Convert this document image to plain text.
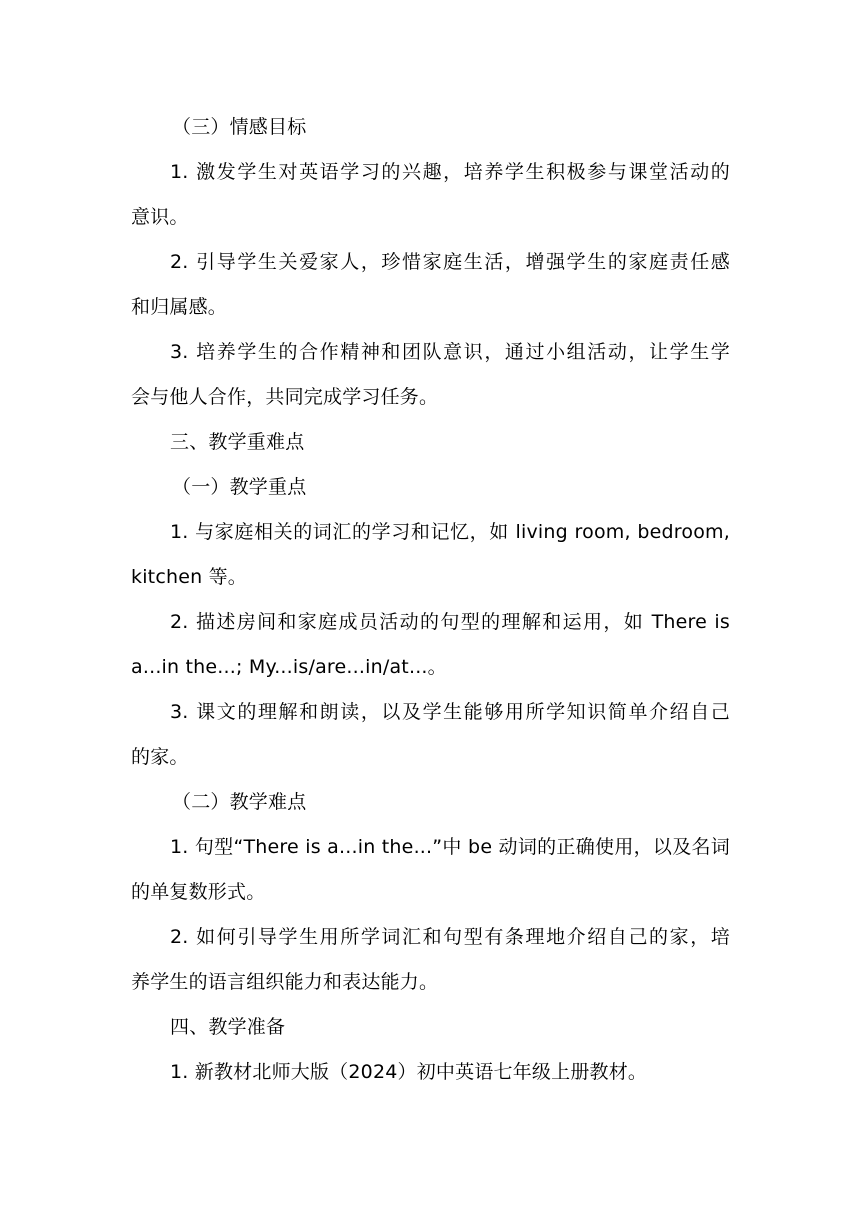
（三）情感目标
1. 激发学生对英语学习的兴趣，培养学生积极参与课堂活动的
意识。
2. 引导学生关爱家人，珍惜家庭生活，增强学生的家庭责任感
和归属感。
3. 培养学生的合作精神和团队意识，通过小组活动，让学生学
会与他人合作，共同完成学习任务。
三、教学重难点
（一）教学重点
1. 与家庭相关的词汇的学习和记忆，如 living room, bedroom,
kitchen 等。
2. 描述房间和家庭成员活动的句型的理解和运用，如 There is
a...in the...; My...is/are...in/at...。
3. 课文的理解和朗读，以及学生能够用所学知识简单介绍自己
的家。
（二）教学难点
1. 句型“There is a...in the...”中 be 动词的正确使用，以及名词
的单复数形式。
2. 如何引导学生用所学词汇和句型有条理地介绍自己的家，培
养学生的语言组织能力和表达能力。
四、教学准备
1. 新教材北师大版（2024）初中英语七年级上册教材。
